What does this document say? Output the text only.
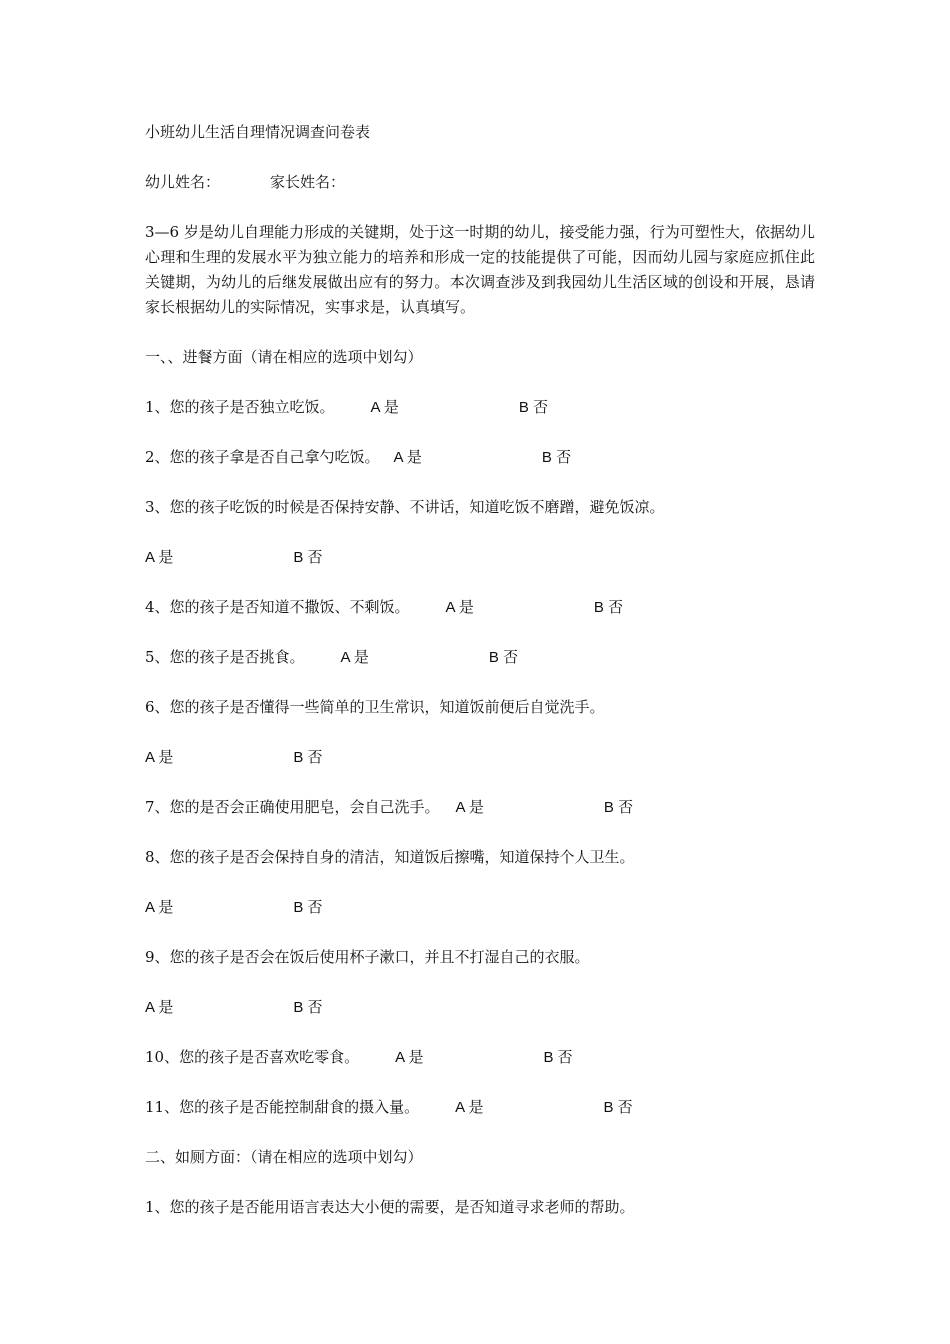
小班幼儿生活自理情况调查问卷表

幼儿姓名：	家长姓名：

3—6 岁是幼儿自理能力形成的关键期，处于这一时期的幼儿，接受能力强，行为可塑性大，依据幼儿心理和生理的发展水平为独立能力的培养和形成一定的技能提供了可能，因而幼儿园与家庭应抓住此关键期，为幼儿的后继发展做出应有的努力。本次调查涉及到我园幼儿生活区域的创设和开展，恳请家长根据幼儿的实际情况，实事求是，认真填写。

一、、进餐方面（请在相应的选项中划勾）

1、您的孩子是否独立吃饭。 A 是	B 否

2、您的孩子拿是否自己拿勺吃饭。 A 是	B 否

3、您的孩子吃饭的时候是否保持安静、不讲话，知道吃饭不磨蹭，避免饭凉。

A 是	B 否

4、您的孩子是否知道不撒饭、不剩饭。 A 是	B 否

5、您的孩子是否挑食。 A 是	B 否

6、您的孩子是否懂得一些简单的卫生常识，知道饭前便后自觉洗手。

A 是	B 否

7、您的是否会正确使用肥皂，会自己洗手。 A 是	B 否

8、您的孩子是否会保持自身的清洁，知道饭后擦嘴，知道保持个人卫生。

A 是	B 否

9、您的孩子是否会在饭后使用杯子漱口，并且不打湿自己的衣服。

A 是	B 否

10、您的孩子是否喜欢吃零食。 A 是	B 否

11、您的孩子是否能控制甜食的摄入量。 A 是	B 否

二、如厕方面：（请在相应的选项中划勾）

1、您的孩子是否能用语言表达大小便的需要，是否知道寻求老师的帮助。
